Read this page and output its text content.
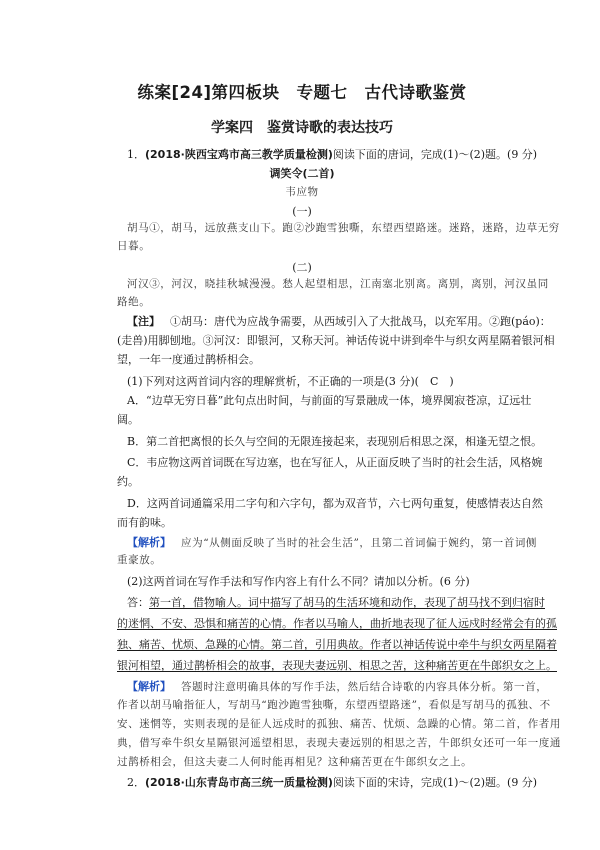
练案[24]第四板块　专题七　古代诗歌鉴赏
学案四　鉴赏诗歌的表达技巧
1．(2018·陕西宝鸡市高三教学质量检测)阅读下面的唐词，完成(1)～(2)题。(9 分)
调笑令(二首)
韦应物
(一)
胡马①，胡马，远放燕支山下。跑②沙跑雪独嘶，东望西望路迷。迷路，迷路，边草无穷
日暮。
(二)
河汉③，河汉，晓挂秋城漫漫。愁人起望相思，江南塞北别离。离别，离别，河汉虽同
路绝。
【注】 ①胡马：唐代为应战争需要，从西域引入了大批战马，以充军用。②跑(páo)：
(走兽)用脚刨地。③河汉：即银河，又称天河。神话传说中讲到牵牛与织女两星隔着银河相
望，一年一度通过鹊桥相会。
(1)下列对这两首词内容的理解赏析，不正确的一项是(3 分)(　C　)
A．“边草无穷日暮”此句点出时间，与前面的写景融成一体，境界阒寂苍凉，辽远壮
阔。
B．第二首把离恨的长久与空间的无限连接起来，表现别后相思之深，相逢无望之恨。
C．韦应物这两首词既在写边塞，也在写征人，从正面反映了当时的社会生活，风格婉
约。
D．这两首词通篇采用二字句和六字句，都为双音节，六七两句重复，使感情表达自然
而有韵味。
【解析】 应为“从侧面反映了当时的社会生活”，且第二首词偏于婉约，第一首词侧
重豪放。
(2)这两首词在写作手法和写作内容上有什么不同？请加以分析。(6 分)
答：第一首，借物喻人。词中描写了胡马的生活环境和动作，表现了胡马找不到归宿时
的迷惘、不安、恐惧和痛苦的心情。作者以马喻人，曲折地表现了征人远戍时经常会有的孤
独、痛苦、忧烦、急躁的心情。第二首，引用典故。作者以神话传说中牵牛与织女两星隔着
银河相望，通过鹊桥相会的故事，表现夫妻远别、相思之苦，这种痛苦更在牛郎织女之上。
【解析】 答题时注意明确具体的写作手法，然后结合诗歌的内容具体分析。第一首，
作者以胡马喻指征人，写胡马“跑沙跑雪独嘶，东望西望路迷”，看似是写胡马的孤独、不
安、迷惘等，实则表现的是征人远戍时的孤独、痛苦、忧烦、急躁的心情。第二首，作者用
典，借写牵牛织女星隔银河遥望相思，表现夫妻远别的相思之苦，牛郎织女还可一年一度通
过鹊桥相会，但这夫妻二人何时能再相见？这种痛苦更在牛郎织女之上。
2．(2018·山东青岛市高三统一质量检测)阅读下面的宋诗，完成(1)～(2)题。(9 分)
